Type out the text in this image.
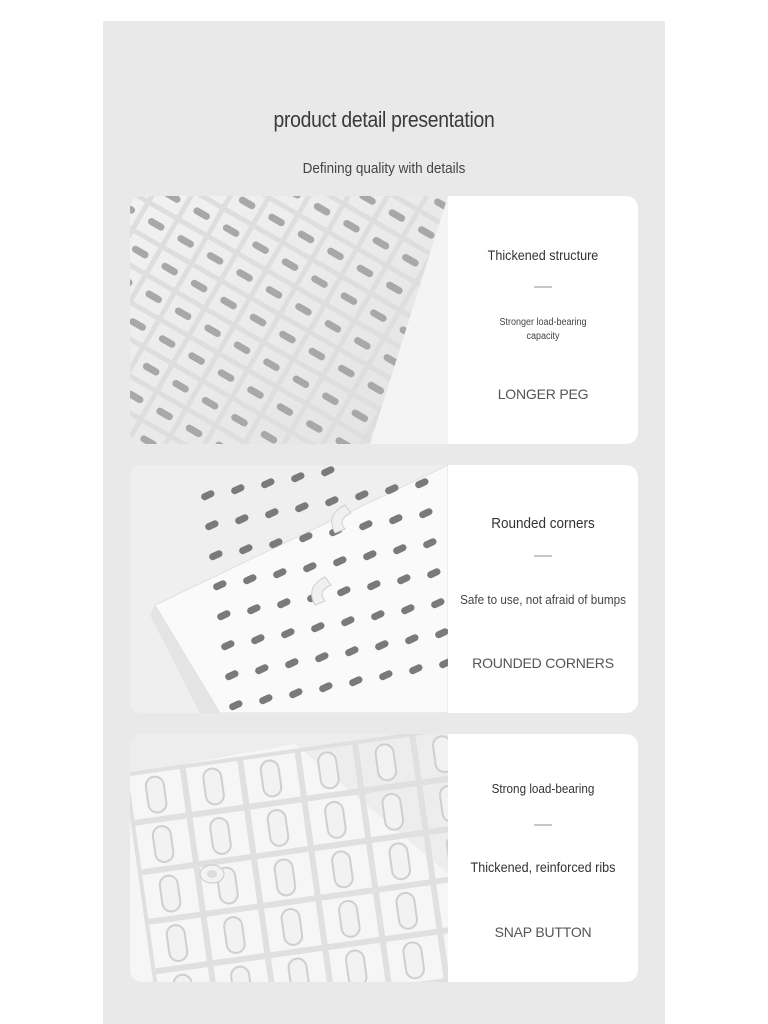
product detail presentation
Defining quality with details
Thickened structure
Stronger load-bearing capacity
LONGER PEG
Rounded corners
Safe to use, not afraid of bumps
ROUNDED CORNERS
Strong load-bearing
Thickened, reinforced ribs
SNAP BUTTON
